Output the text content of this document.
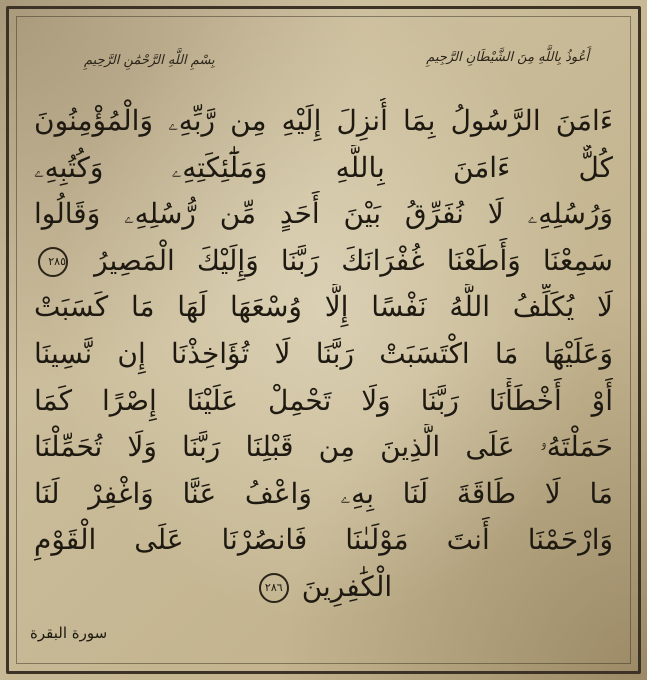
أَعُوذُ بِاللَّهِ مِنَ الشَّيْطَانِ الرَّجِيمِ
بِسْمِ اللَّهِ الرَّحْمَٰنِ الرَّحِيمِ
ءَامَنَ الرَّسُولُ بِمَا أُنزِلَ إِلَيْهِ مِن رَّبِّهِۦ وَالْمُؤْمِنُونَ
كُلٌّ ءَامَنَ بِاللَّهِ وَمَلَٰٓئِكَتِهِۦ وَكُتُبِهِۦ
وَرُسُلِهِۦ لَا نُفَرِّقُ بَيْنَ أَحَدٍ مِّن رُّسُلِهِۦ وَقَالُوا
سَمِعْنَا وَأَطَعْنَا غُفْرَانَكَ رَبَّنَا وَإِلَيْكَ الْمَصِيرُ ٢٨٥
لَا يُكَلِّفُ اللَّهُ نَفْسًا إِلَّا وُسْعَهَا لَهَا مَا كَسَبَتْ
وَعَلَيْهَا مَا اكْتَسَبَتْ رَبَّنَا لَا تُؤَاخِذْنَا إِن نَّسِينَا
أَوْ أَخْطَأْنَا رَبَّنَا وَلَا تَحْمِلْ عَلَيْنَا إِصْرًا كَمَا
حَمَلْتَهُۥ عَلَى الَّذِينَ مِن قَبْلِنَا رَبَّنَا وَلَا تُحَمِّلْنَا
مَا لَا طَاقَةَ لَنَا بِهِۦ وَاعْفُ عَنَّا وَاغْفِرْ لَنَا
وَارْحَمْنَا أَنتَ مَوْلَىٰنَا فَانصُرْنَا عَلَى الْقَوْمِ
الْكَٰفِرِينَ ٢٨٦
سورة البقرة
